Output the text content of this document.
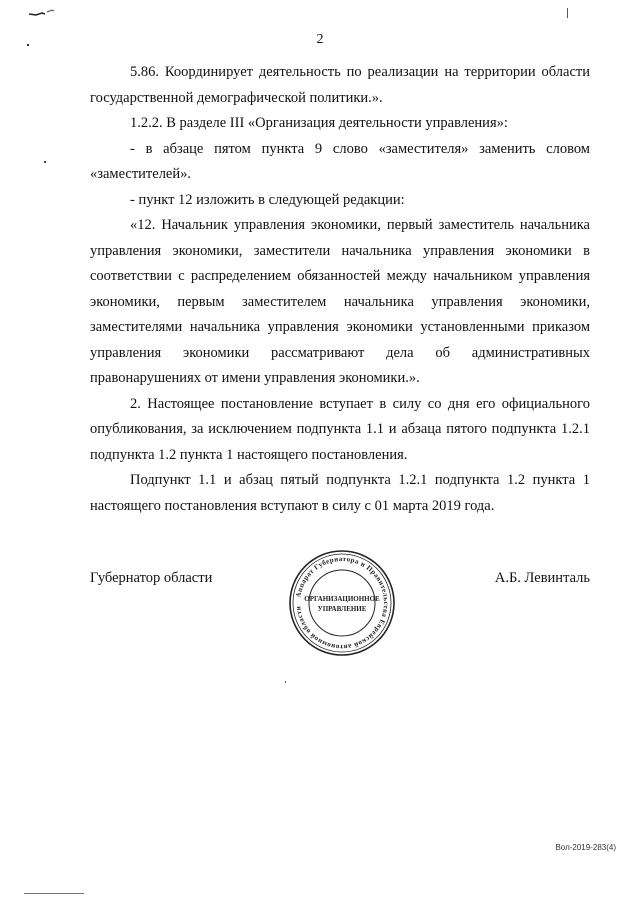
2

5.86. Координирует деятельность по реализации на территории области государственной демографической политики.».

1.2.2. В разделе III «Организация деятельности управления»:

- в абзаце пятом пункта 9 слово «заместителя» заменить словом «заместителей».

- пункт 12 изложить в следующей редакции:

«12. Начальник управления экономики, первый заместитель начальника управления экономики, заместители начальника управления экономики в соответствии с распределением обязанностей между начальником управления экономики, первым заместителем начальника управления экономики, заместителями начальника управления экономики установленными приказом управления экономики рассматривают дела об административных правонарушениях от имени управления экономики.».

2. Настоящее постановление вступает в силу со дня его официального опубликования, за исключением подпункта 1.1 и абзаца пятого подпункта 1.2.1 подпункта 1.2 пункта 1 настоящего постановления.

Подпункт 1.1 и абзац пятый подпункта 1.2.1 подпункта 1.2 пункта 1 настоящего постановления вступают в силу с 01 марта 2019 года.

Губернатор области	А.Б. Левинталь
Аппарат Губернатора и Правительства Еврейской автономной области
ОРГАНИЗАЦИОННОЕ
УПРАВЛЕНИЕ
Вол-2019-283(4)
